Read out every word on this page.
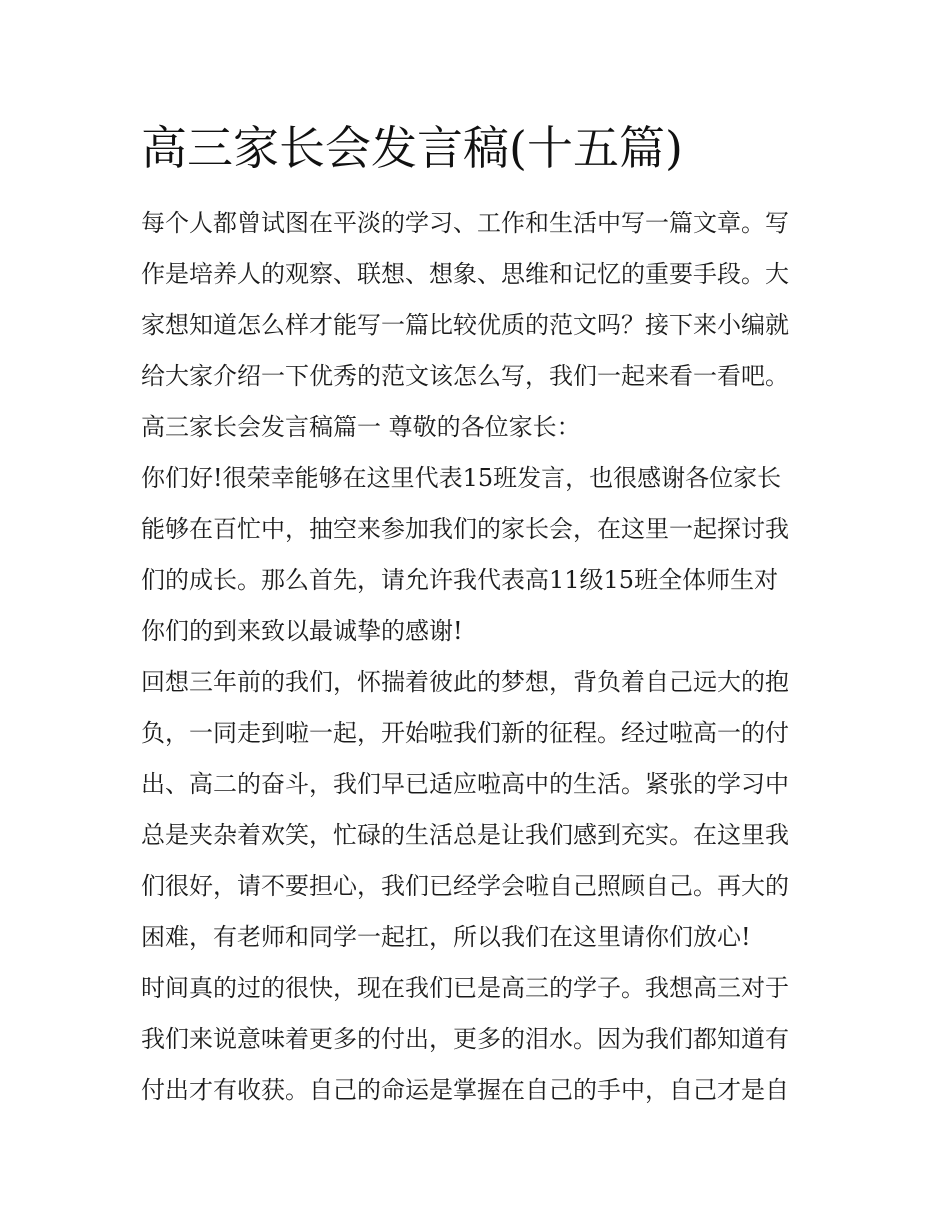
高三家长会发言稿(十五篇)
每个人都曾试图在平淡的学习、工作和生活中写一篇文章。写
作是培养人的观察、联想、想象、思维和记忆的重要手段。大
家想知道怎么样才能写一篇比较优质的范文吗？接下来小编就
给大家介绍一下优秀的范文该怎么写，我们一起来看一看吧。
高三家长会发言稿篇一 尊敬的各位家长：
你们好!很荣幸能够在这里代表15班发言，也很感谢各位家长
能够在百忙中，抽空来参加我们的家长会，在这里一起探讨我
们的成长。那么首先，请允许我代表高11级15班全体师生对
你们的到来致以最诚挚的感谢!
回想三年前的我们，怀揣着彼此的梦想，背负着自己远大的抱
负，一同走到啦一起，开始啦我们新的征程。经过啦高一的付
出、高二的奋斗，我们早已适应啦高中的生活。紧张的学习中
总是夹杂着欢笑，忙碌的生活总是让我们感到充实。在这里我
们很好，请不要担心，我们已经学会啦自己照顾自己。再大的
困难，有老师和同学一起扛，所以我们在这里请你们放心!
时间真的过的很快，现在我们已是高三的学子。我想高三对于
我们来说意味着更多的付出，更多的泪水。因为我们都知道有
付出才有收获。自己的命运是掌握在自己的手中，自己才是自
